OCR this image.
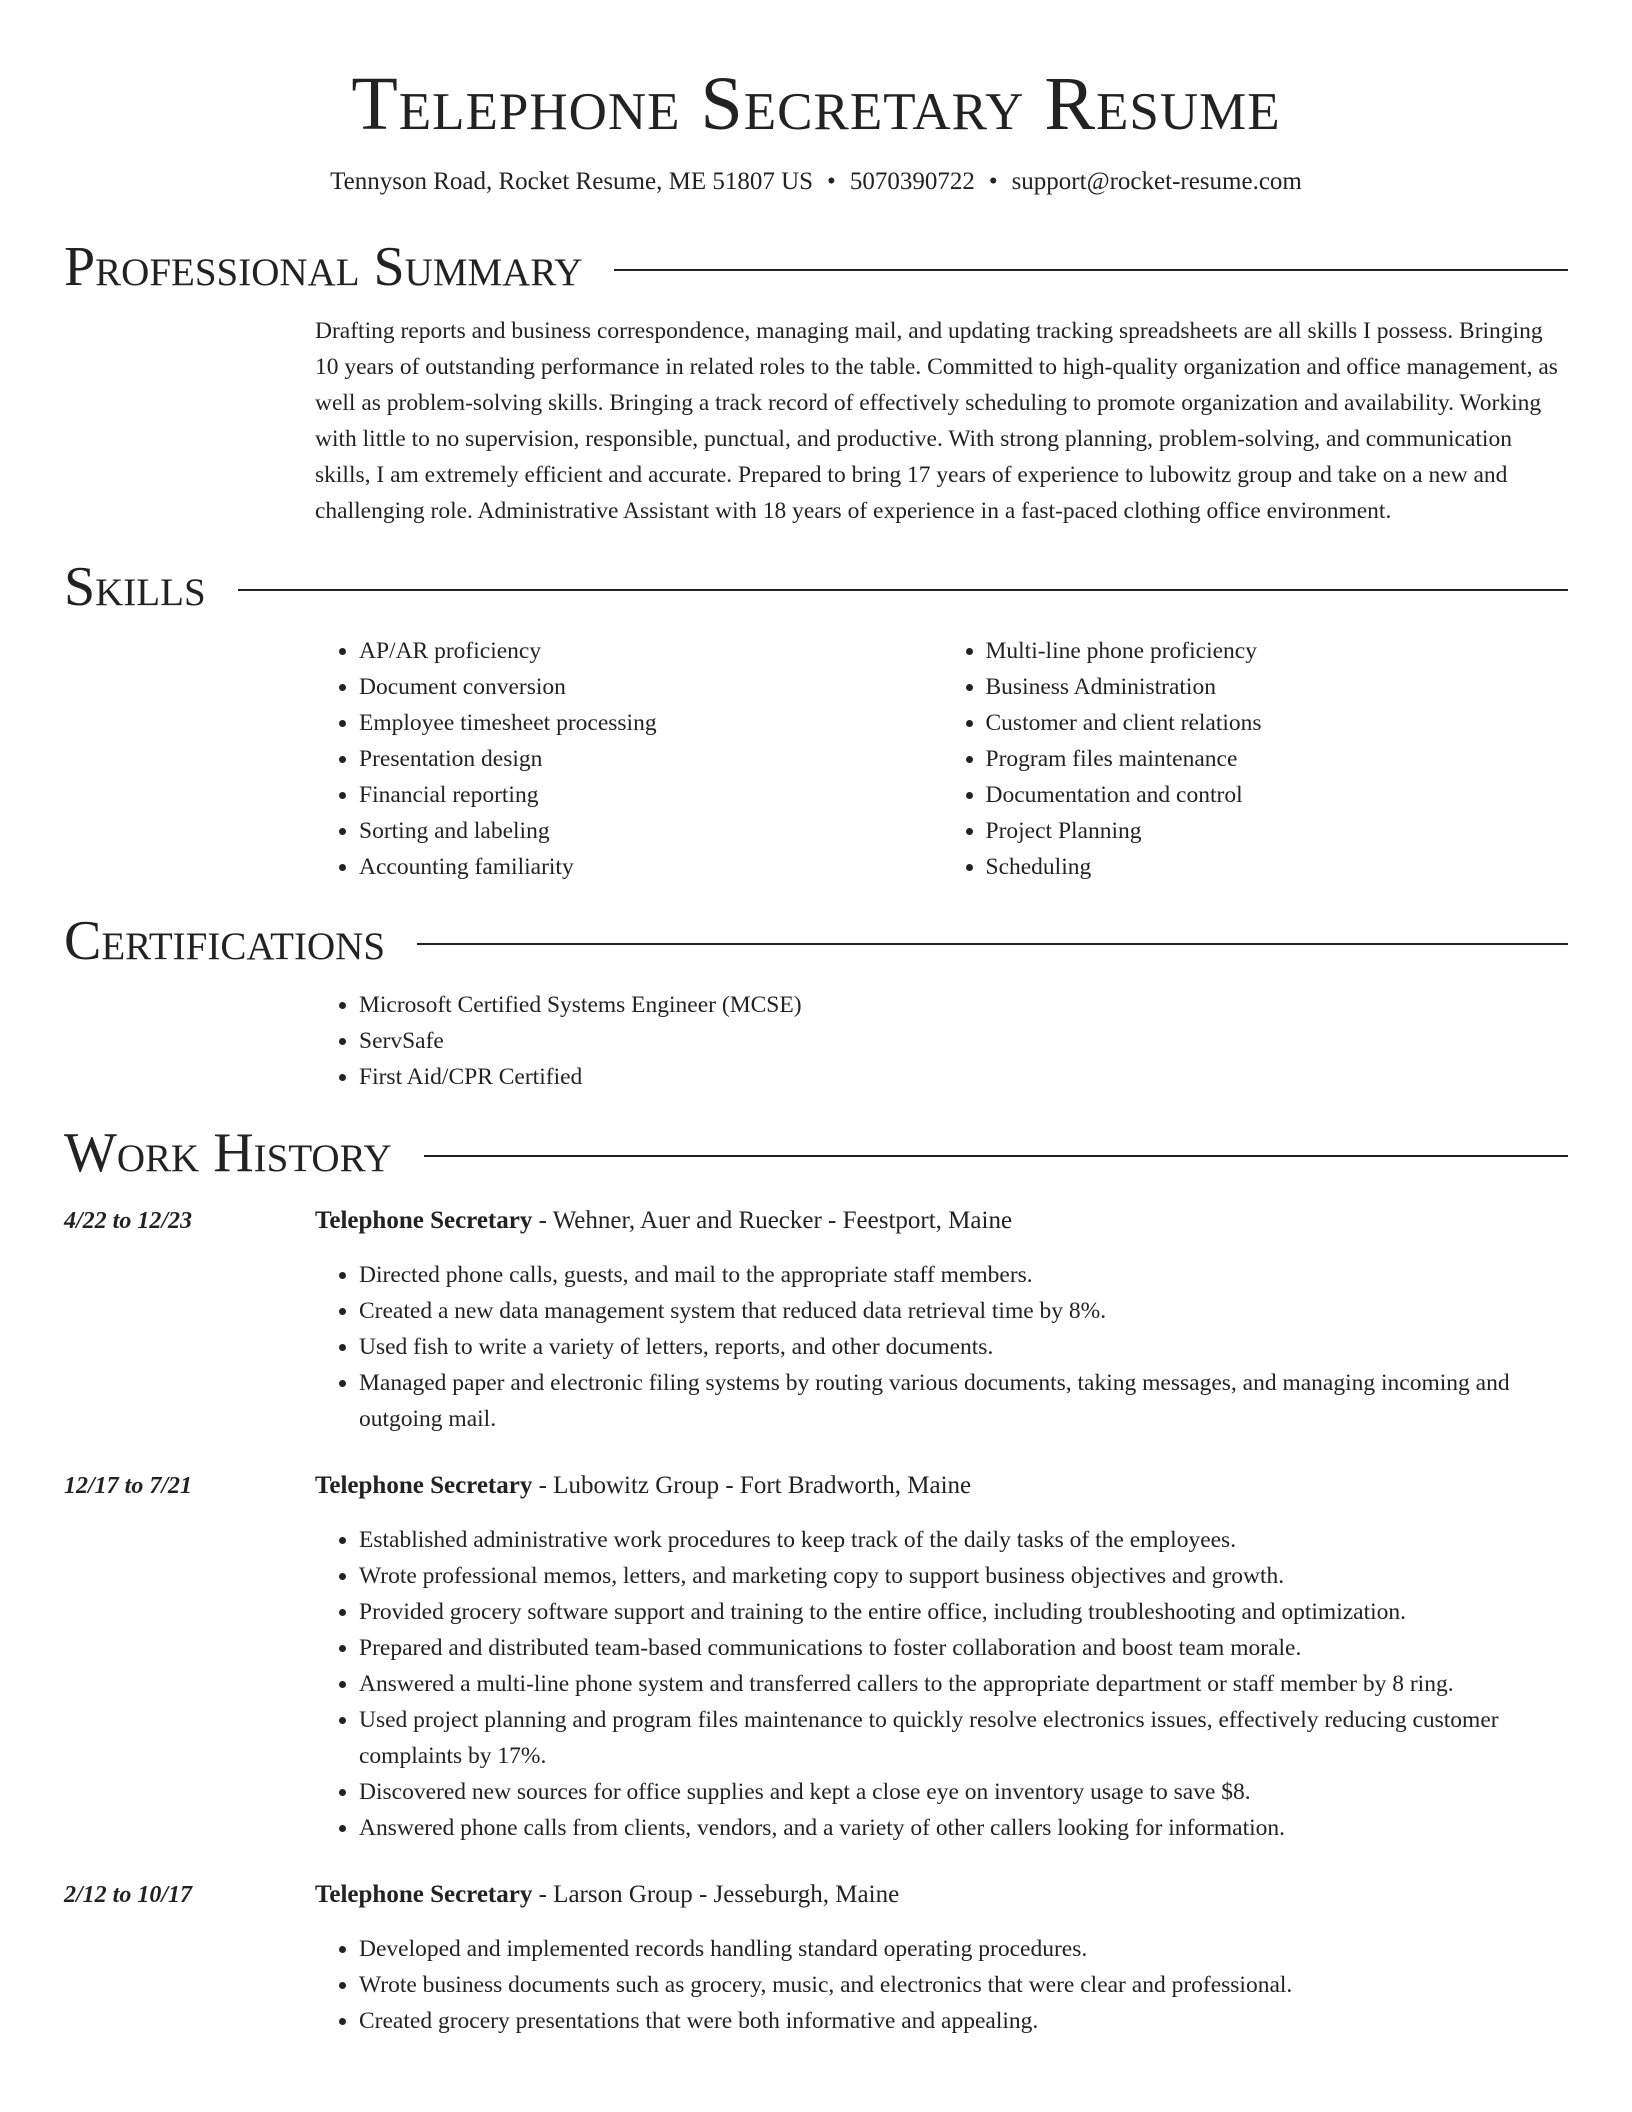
Telephone Secretary Resume
Tennyson Road, Rocket Resume, ME 51807 US • 5070390722 • support@rocket-resume.com
Professional Summary
Drafting reports and business correspondence, managing mail, and updating tracking spreadsheets are all skills I possess. Bringing 10 years of outstanding performance in related roles to the table. Committed to high-quality organization and office management, as well as problem-solving skills. Bringing a track record of effectively scheduling to promote organization and availability. Working with little to no supervision, responsible, punctual, and productive. With strong planning, problem-solving, and communication skills, I am extremely efficient and accurate. Prepared to bring 17 years of experience to lubowitz group and take on a new and challenging role. Administrative Assistant with 18 years of experience in a fast-paced clothing office environment.
Skills
• AP/AR proficiency
• Document conversion
• Employee timesheet processing
• Presentation design
• Financial reporting
• Sorting and labeling
• Accounting familiarity
• Multi-line phone proficiency
• Business Administration
• Customer and client relations
• Program files maintenance
• Documentation and control
• Project Planning
• Scheduling
Certifications
• Microsoft Certified Systems Engineer (MCSE)
• ServSafe
• First Aid/CPR Certified
Work History
4/22 to 12/23	Telephone Secretary - Wehner, Auer and Ruecker - Feestport, Maine
• Directed phone calls, guests, and mail to the appropriate staff members.
• Created a new data management system that reduced data retrieval time by 8%.
• Used fish to write a variety of letters, reports, and other documents.
• Managed paper and electronic filing systems by routing various documents, taking messages, and managing incoming and outgoing mail.
12/17 to 7/21	Telephone Secretary - Lubowitz Group - Fort Bradworth, Maine
• Established administrative work procedures to keep track of the daily tasks of the employees.
• Wrote professional memos, letters, and marketing copy to support business objectives and growth.
• Provided grocery software support and training to the entire office, including troubleshooting and optimization.
• Prepared and distributed team-based communications to foster collaboration and boost team morale.
• Answered a multi-line phone system and transferred callers to the appropriate department or staff member by 8 ring.
• Used project planning and program files maintenance to quickly resolve electronics issues, effectively reducing customer complaints by 17%.
• Discovered new sources for office supplies and kept a close eye on inventory usage to save $8.
• Answered phone calls from clients, vendors, and a variety of other callers looking for information.
2/12 to 10/17	Telephone Secretary - Larson Group - Jesseburgh, Maine
• Developed and implemented records handling standard operating procedures.
• Wrote business documents such as grocery, music, and electronics that were clear and professional.
• Created grocery presentations that were both informative and appealing.
